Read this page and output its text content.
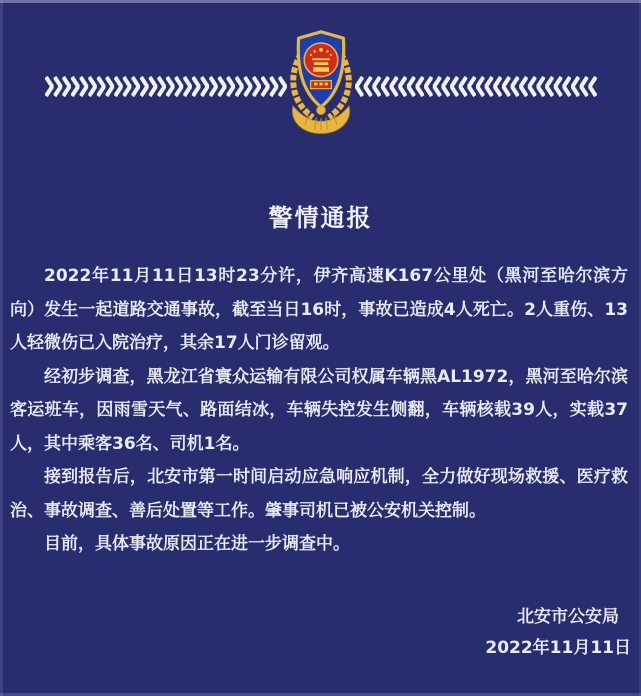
警情通报

2022年11月11日13时23分许，伊齐高速K167公里处（黑河至哈尔滨方向）发生一起道路交通事故，截至当日16时，事故已造成4人死亡。2人重伤、13人轻微伤已入院治疗，其余17人门诊留观。

经初步调查，黑龙江省寰众运输有限公司权属车辆黑AL1972，黑河至哈尔滨客运班车，因雨雪天气、路面结冰，车辆失控发生侧翻，车辆核载39人，实载37人，其中乘客36名、司机1名。

接到报告后，北安市第一时间启动应急响应机制，全力做好现场救援、医疗救治、事故调查、善后处置等工作。肇事司机已被公安机关控制。

目前，具体事故原因正在进一步调查中。

北安市公安局
2022年11月11日
